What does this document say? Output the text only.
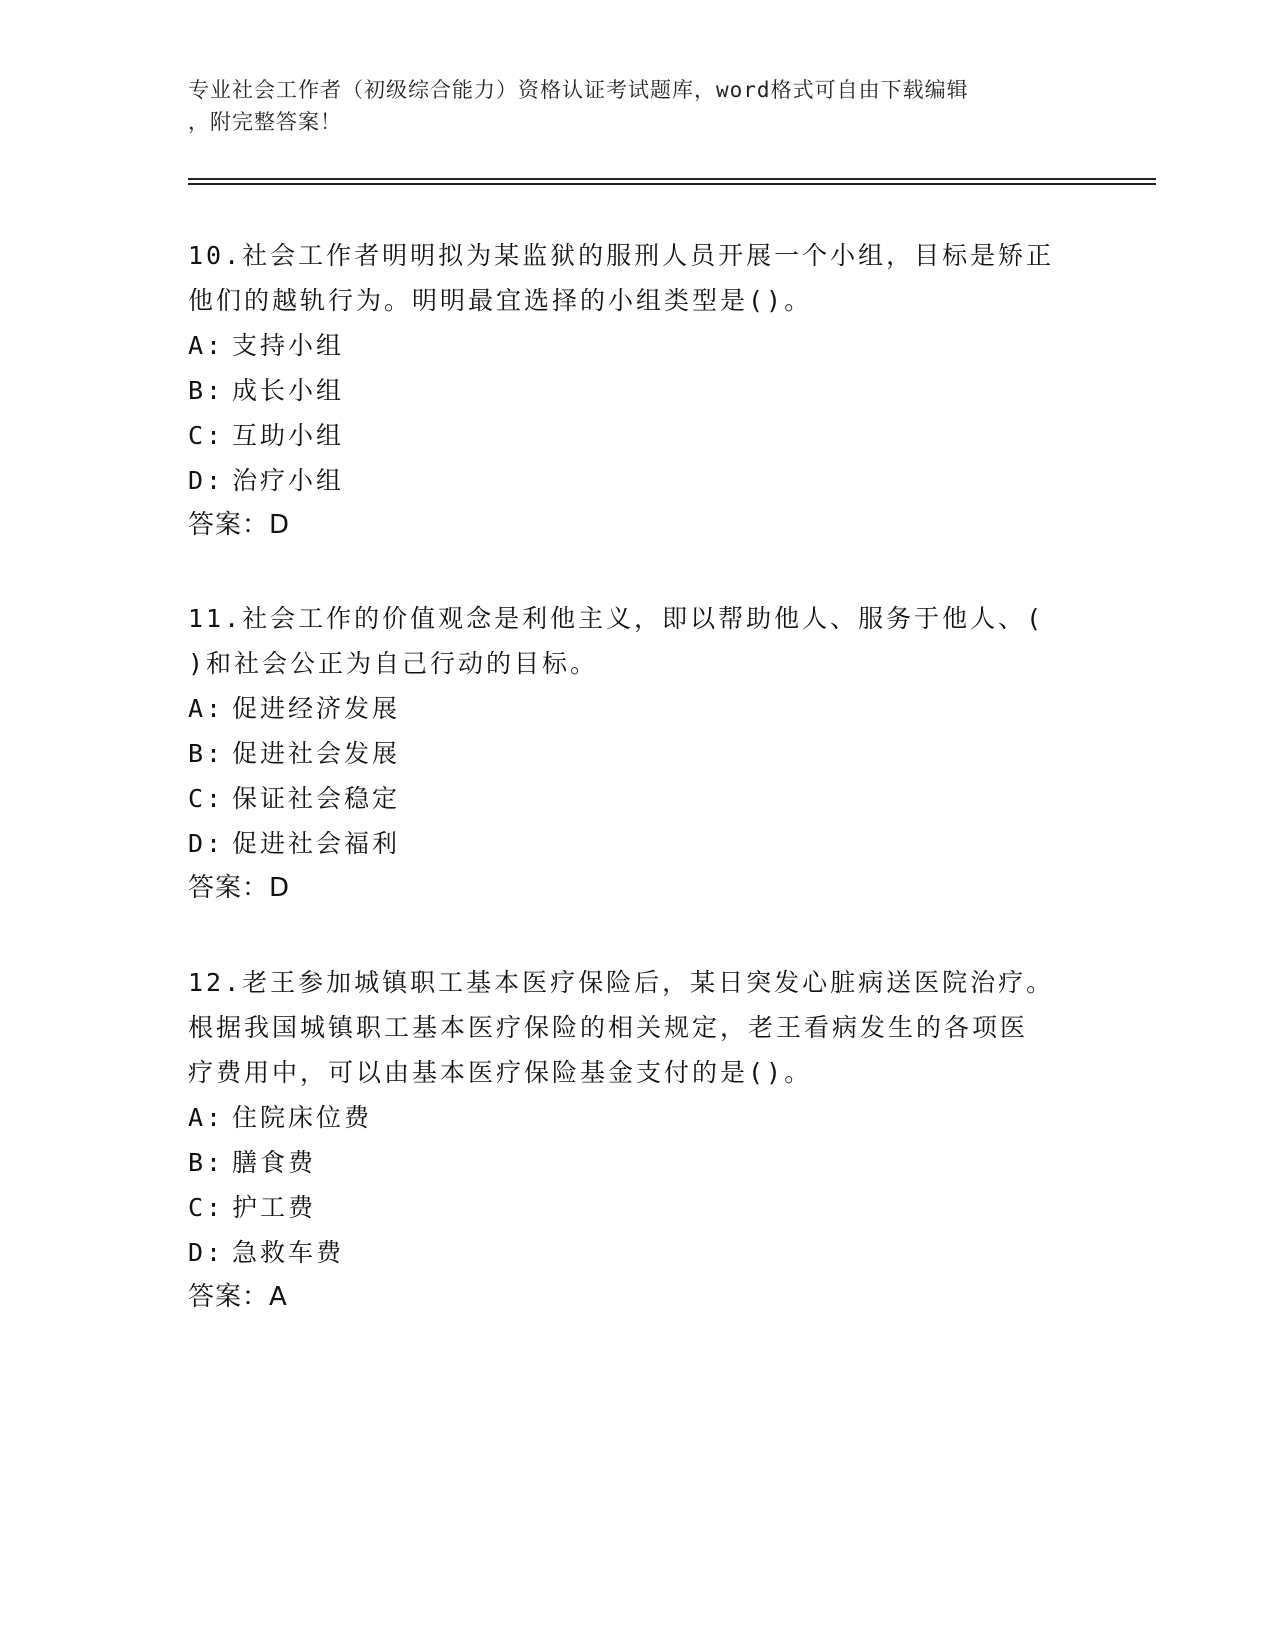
专业社会工作者（初级综合能力）资格认证考试题库，word格式可自由下载编辑
，附完整答案！
10.社会工作者明明拟为某监狱的服刑人员开展一个小组，目标是矫正
他们的越轨行为。明明最宜选择的小组类型是()。
A: 支持小组
B: 成长小组
C: 互助小组
D: 治疗小组
答案：D
11.社会工作的价值观念是利他主义，即以帮助他人、服务于他人、(
)和社会公正为自己行动的目标。
A: 促进经济发展
B: 促进社会发展
C: 保证社会稳定
D: 促进社会福利
答案：D
12.老王参加城镇职工基本医疗保险后，某日突发心脏病送医院治疗。
根据我国城镇职工基本医疗保险的相关规定，老王看病发生的各项医
疗费用中，可以由基本医疗保险基金支付的是()。
A: 住院床位费
B: 膳食费
C: 护工费
D: 急救车费
答案：A
